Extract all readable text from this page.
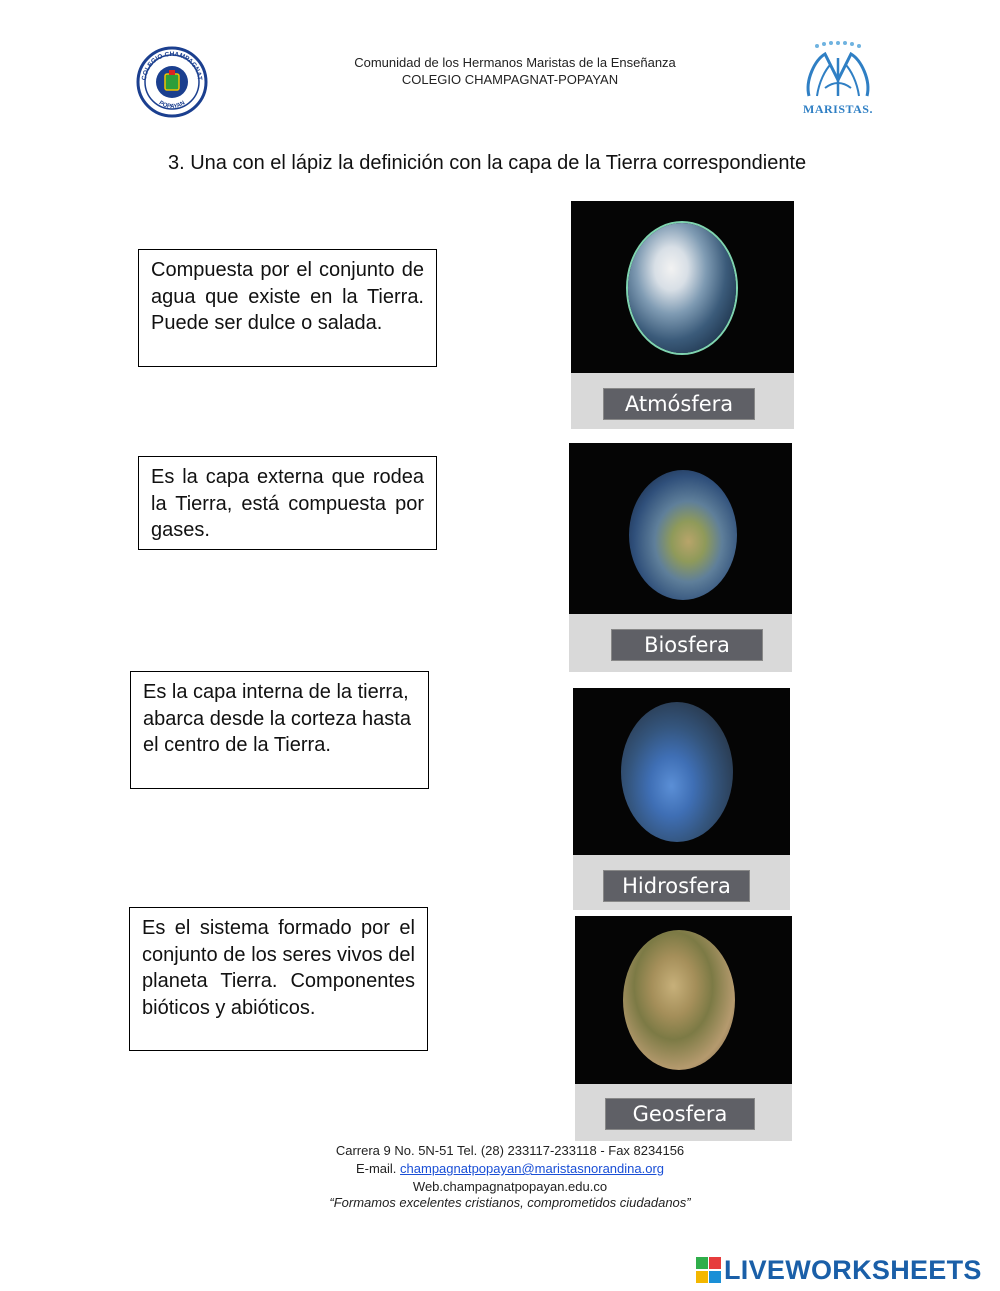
Comunidad de los Hermanos Maristas de la Enseñanza
COLEGIO CHAMPAGNAT-POPAYAN
COLEGIO CHAMPAGNAT
POPAYAN	MARISTAS.
3. Una con el lápiz la definición con la capa de la Tierra correspondiente
Compuesta por el conjunto de agua que existe en la Tierra. Puede ser dulce o salada.
Es la capa externa que rodea la Tierra, está compuesta por gases.
Es la capa interna de la tierra, abarca desde la corteza hasta el centro de la Tierra.
Es el sistema formado por el conjunto de los seres vivos del planeta Tierra. Componentes bióticos y abióticos.
Atmósfera
Biosfera
Hidrosfera
Geosfera
Carrera 9 No. 5N-51 Tel. (28) 233117-233118 - Fax 8234156
E-mail. champagnatpopayan@maristasnorandina.org
Web.champagnatpopayan.edu.co
“Formamos excelentes cristianos, comprometidos ciudadanos”
LIVEWORKSHEETS
